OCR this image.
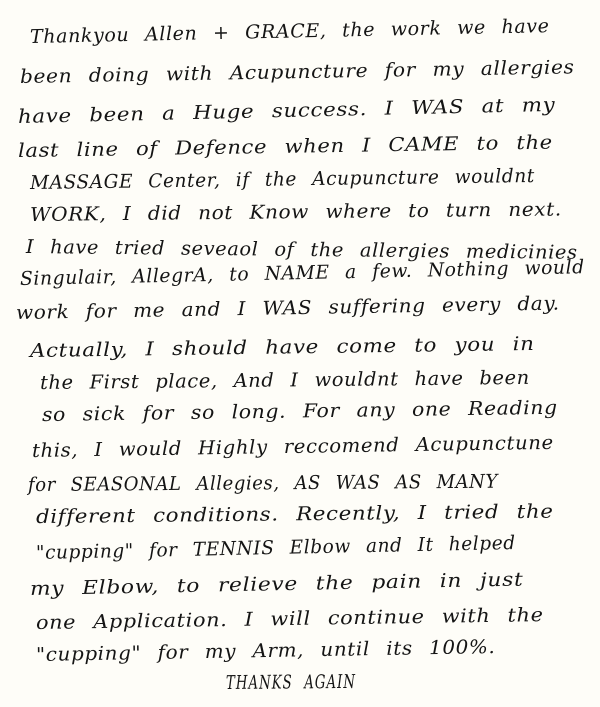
Thankyou Allen + GRACE, the work we have
been doing with Acupuncture for my allergies
have been a Huge success. I WAS at my
last line of Defence when I CAME to the
MASSAGE Center, if the Acupuncture wouldnt
WORK, I did not Know where to turn next.
I have tried seveaol of the allergies medicinies
Singulair, AllegrA, to NAME a few. Nothing would
work for me and I WAS suffering every day.
Actually, I should have come to you in
the First place, And I wouldnt have been
so sick for so long. For any one Reading
this, I would Highly reccomend Acupunctune
for SEASONAL Allegies, AS WAS AS MANY
different conditions. Recently, I tried the
"cupping" for TENNIS Elbow and It helped
my Elbow, to relieve the pain in just
one Application. I will continue with the
"cupping" for my Arm, until its 100%.
THANKS AGAIN
